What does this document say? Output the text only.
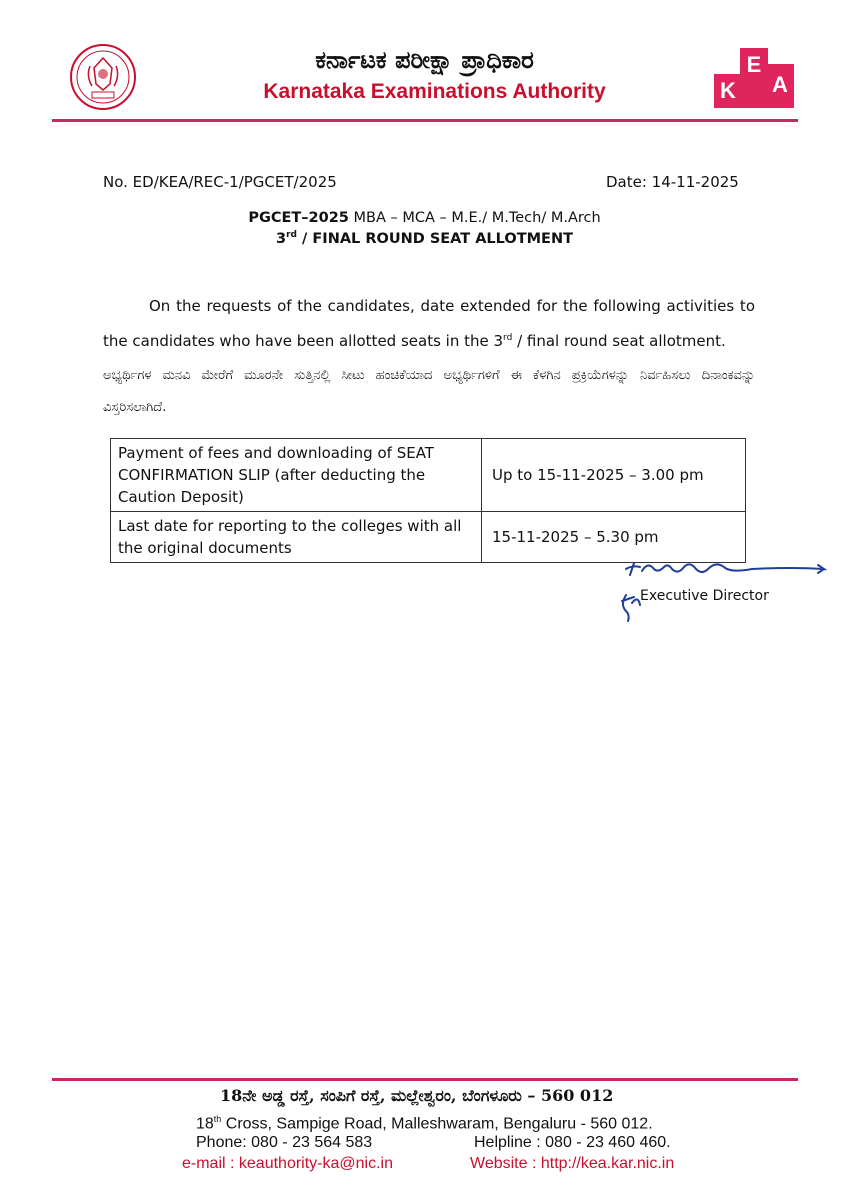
ಕರ್ನಾಟಕ ಪರೀಕ್ಷಾ ಪ್ರಾಧಿಕಾರ
Karnataka Examinations Authority	K
E
A
No. ED/KEA/REC-1/PGCET/2025	Date: 14-11-2025
PGCET–2025 MBA – MCA – M.E./ M.Tech/ M.Arch
3rd / FINAL ROUND SEAT ALLOTMENT
On the requests of the candidates, date extended for the following activities to the candidates who have been allotted seats in the 3rd / final round seat allotment.
ಅಭ್ಯರ್ಥಿಗಳ ಮನವಿ ಮೇರೆಗೆ ಮೂರನೇ ಸುತ್ತಿನಲ್ಲಿ ಸೀಟು ಹಂಚಿಕೆಯಾದ ಅಭ್ಯರ್ಥಿಗಳಿಗೆ ಈ ಕೆಳಗಿನ ಪ್ರಕ್ರಿಯೆಗಳನ್ನು ನಿರ್ವಹಿಸಲು ದಿನಾಂಕವನ್ನು ವಿಸ್ತರಿಸಲಾಗಿದೆ.
Payment of fees and downloading of SEAT CONFIRMATION SLIP (after deducting the Caution Deposit)	Up to 15-11-2025 – 3.00 pm
Last date for reporting to the colleges with all the original documents	15-11-2025 – 5.30 pm
Executive Director
18ನೇ ಅಡ್ಡ ರಸ್ತೆ, ಸಂಪಿಗೆ ರಸ್ತೆ, ಮಲ್ಲೇಶ್ವರಂ, ಬೆಂಗಳೂರು – 560 012
18th Cross, Sampige Road, Malleshwaram, Bengaluru - 560 012.
Phone: 080 - 23 564 583	Helpline : 080 - 23 460 460.
e-mail : keauthority-ka@nic.in	Website : http://kea.kar.nic.in
